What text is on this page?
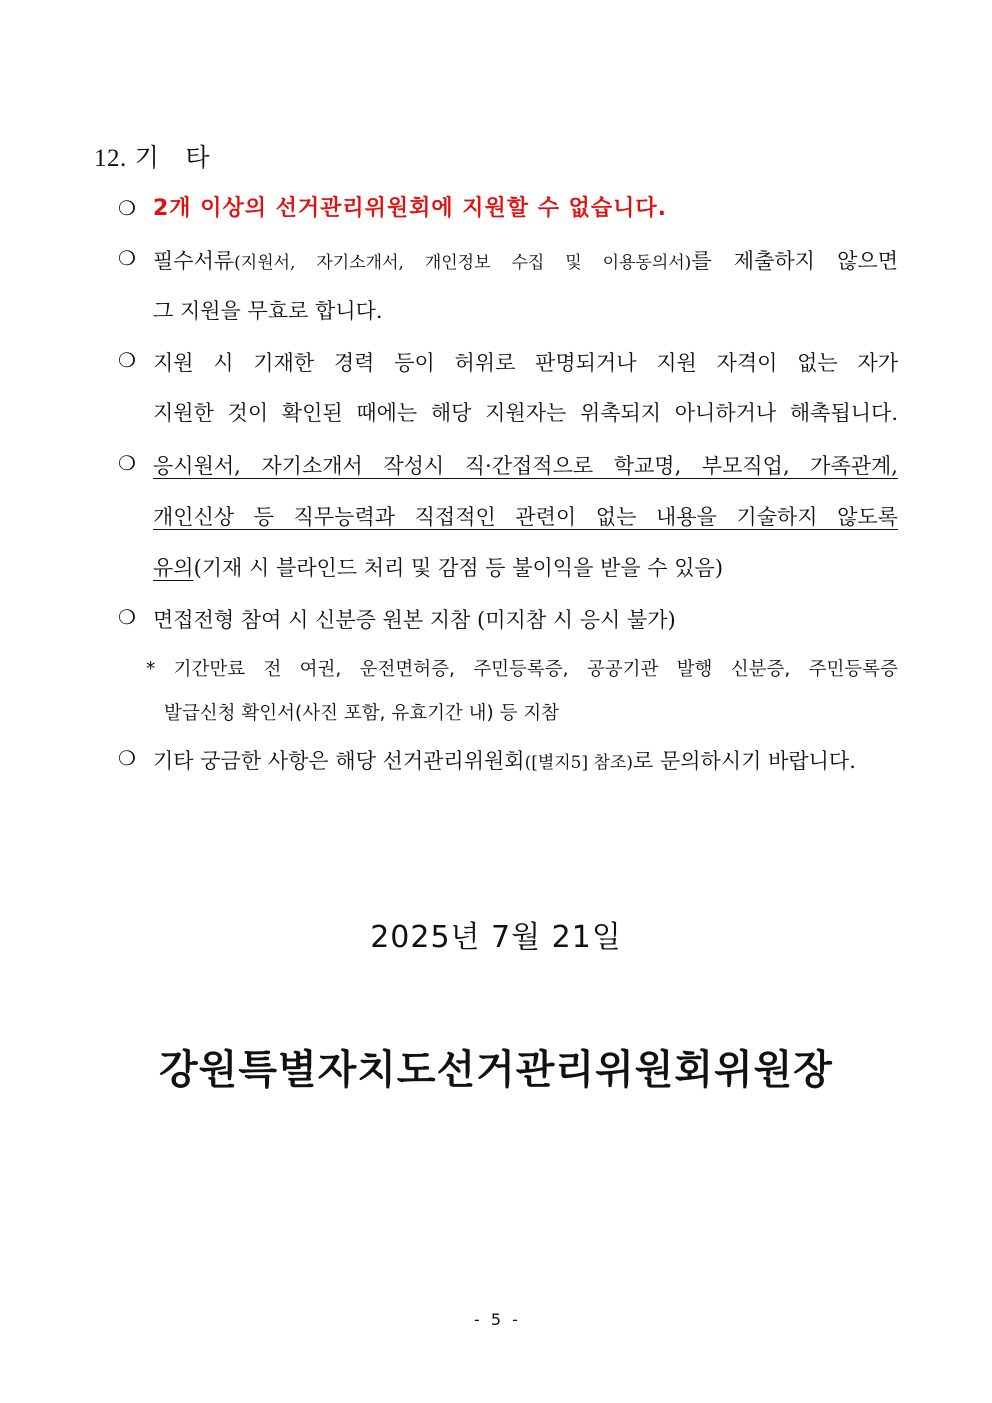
12. 기 타
❍ 2개 이상의 선거관리위원회에 지원할 수 없습니다.
❍ 필수서류(지원서, 자기소개서, 개인정보 수집 및 이용동의서)를 제출하지 않으면
그 지원을 무효로 합니다.
❍ 지원 시 기재한 경력 등이 허위로 판명되거나 지원 자격이 없는 자가
지원한 것이 확인된 때에는 해당 지원자는 위촉되지 아니하거나 해촉됩니다.
❍ 응시원서, 자기소개서 작성시 직·간접적으로 학교명, 부모직업, 가족관계,
개인신상 등 직무능력과 직접적인 관련이 없는 내용을 기술하지 않도록
유의(기재 시 블라인드 처리 및 감점 등 불이익을 받을 수 있음)
❍ 면접전형 참여 시 신분증 원본 지참 (미지참 시 응시 불가)
* 기간만료 전 여권, 운전면허증, 주민등록증, 공공기관 발행 신분증, 주민등록증
발급신청 확인서(사진 포함, 유효기간 내) 등 지참
❍ 기타 궁금한 사항은 해당 선거관리위원회([별지5] 참조)로 문의하시기 바랍니다.
2025년 7월 21일
강원특별자치도선거관리위원회위원장
- 5 -
